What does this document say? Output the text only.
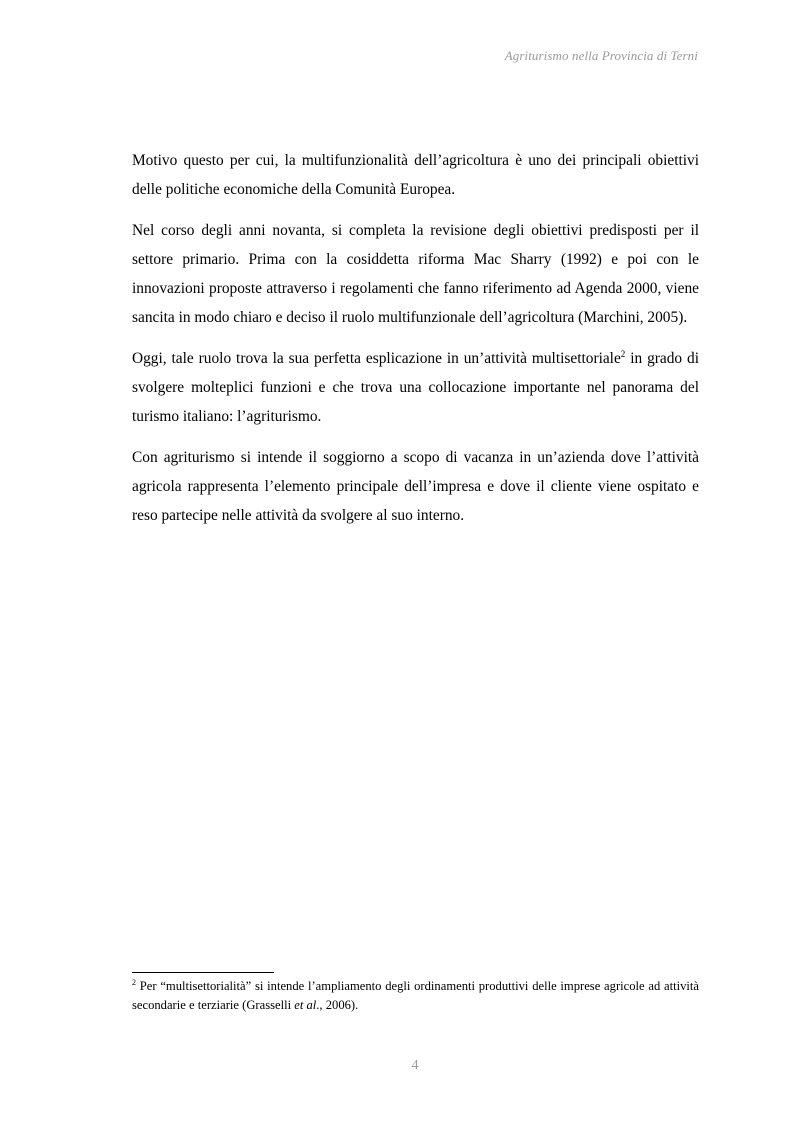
Agriturismo nella Provincia di Terni

Motivo questo per cui, la multifunzionalità dell’agricoltura è uno dei principali obiettivi delle politiche economiche della Comunità Europea.

Nel corso degli anni novanta, si completa la revisione degli obiettivi predisposti per il settore primario. Prima con la cosiddetta riforma Mac Sharry (1992) e poi con le innovazioni proposte attraverso i regolamenti che fanno riferimento ad Agenda 2000, viene sancita in modo chiaro e deciso il ruolo multifunzionale dell’agricoltura (Marchini, 2005).

Oggi, tale ruolo trova la sua perfetta esplicazione in un’attività multisettoriale$^2$ in grado di svolgere molteplici funzioni e che trova una collocazione importante nel panorama del turismo italiano: l’agriturismo.

Con agriturismo si intende il soggiorno a scopo di vacanza in un’azienda dove l’attività agricola rappresenta l’elemento principale dell’impresa e dove il cliente viene ospitato e reso partecipe nelle attività da svolgere al suo interno.

$^2$ Per “multisettorialità” si intende l’ampliamento degli ordinamenti produttivi delle imprese agricole ad attività secondarie e terziarie (Grasselli et al., 2006).
4
